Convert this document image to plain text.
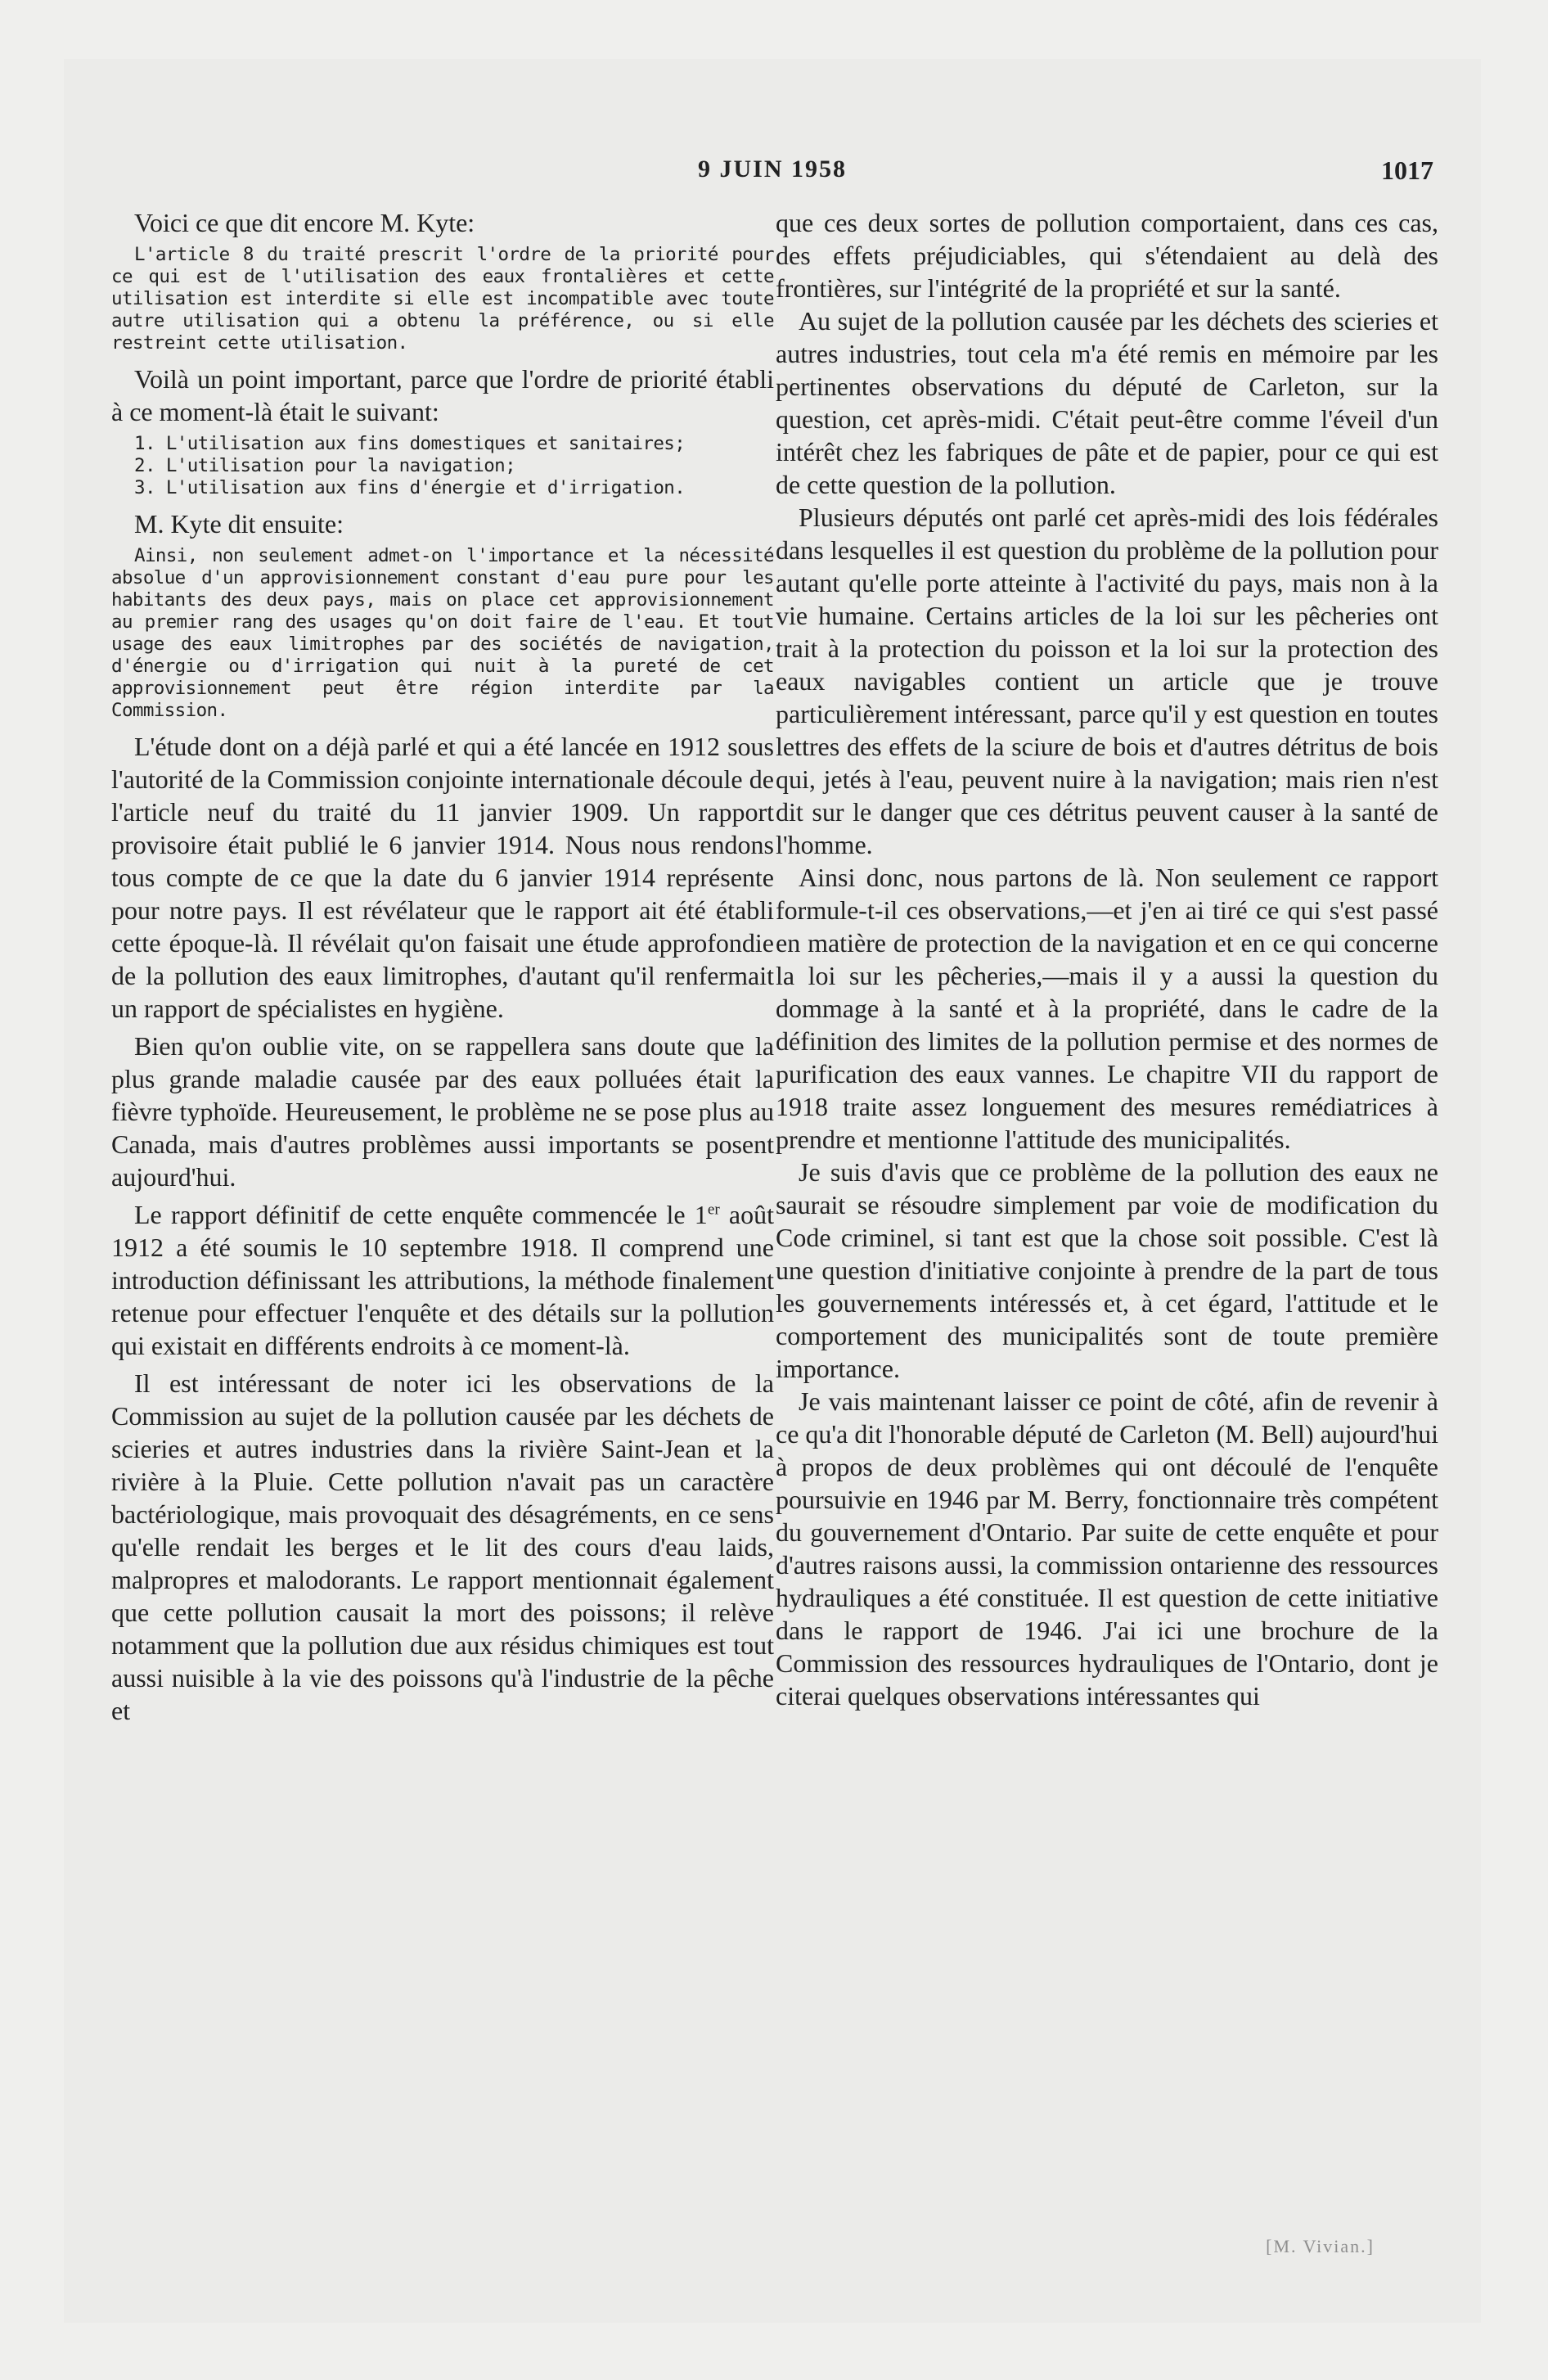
9 JUIN 1958	1017

Voici ce que dit encore M. Kyte:

L'article 8 du traité prescrit l'ordre de la priorité pour ce qui est de l'utilisation des eaux frontalières et cette utilisation est interdite si elle est incompatible avec toute autre utilisation qui a obtenu la préférence, ou si elle restreint cette utilisation.

Voilà un point important, parce que l'ordre de priorité établi à ce moment-là était le suivant:

1. L'utilisation aux fins domestiques et sanitaires;
2. L'utilisation pour la navigation;
3. L'utilisation aux fins d'énergie et d'irrigation.

M. Kyte dit ensuite:

Ainsi, non seulement admet-on l'importance et la nécessité absolue d'un approvisionnement constant d'eau pure pour les habitants des deux pays, mais on place cet approvisionnement au premier rang des usages qu'on doit faire de l'eau. Et tout usage des eaux limitrophes par des sociétés de navigation, d'énergie ou d'irrigation qui nuit à la pureté de cet approvisionnement peut être région interdite par la Commission.

L'étude dont on a déjà parlé et qui a été lancée en 1912 sous l'autorité de la Commission conjointe internationale découle de l'article neuf du traité du 11 janvier 1909. Un rapport provisoire était publié le 6 janvier 1914. Nous nous rendons tous compte de ce que la date du 6 janvier 1914 représente pour notre pays. Il est révélateur que le rapport ait été établi cette époque-là. Il révélait qu'on faisait une étude approfondie de la pollution des eaux limitrophes, d'autant qu'il renfermait un rapport de spécialistes en hygiène.

Bien qu'on oublie vite, on se rappellera sans doute que la plus grande maladie causée par des eaux polluées était la fièvre typhoïde. Heureusement, le problème ne se pose plus au Canada, mais d'autres problèmes aussi importants se posent aujourd'hui.

Le rapport définitif de cette enquête commencée le 1er août 1912 a été soumis le 10 septembre 1918. Il comprend une introduction définissant les attributions, la méthode finalement retenue pour effectuer l'enquête et des détails sur la pollution qui existait en différents endroits à ce moment-là.

Il est intéressant de noter ici les observations de la Commission au sujet de la pollution causée par les déchets de scieries et autres industries dans la rivière Saint-Jean et la rivière à la Pluie. Cette pollution n'avait pas un caractère bactériologique, mais provoquait des désagréments, en ce sens qu'elle rendait les berges et le lit des cours d'eau laids, malpropres et malodorants. Le rapport mentionnait également que cette pollution causait la mort des poissons; il relève notamment que la pollution due aux résidus chimiques est tout aussi nuisible à la vie des poissons qu'à l'industrie de la pêche et

que ces deux sortes de pollution comportaient, dans ces cas, des effets préjudiciables, qui s'étendaient au delà des frontières, sur l'intégrité de la propriété et sur la santé.

Au sujet de la pollution causée par les déchets des scieries et autres industries, tout cela m'a été remis en mémoire par les pertinentes observations du député de Carleton, sur la question, cet après-midi. C'était peut-être comme l'éveil d'un intérêt chez les fabriques de pâte et de papier, pour ce qui est de cette question de la pollution.

Plusieurs députés ont parlé cet après-midi des lois fédérales dans lesquelles il est question du problème de la pollution pour autant qu'elle porte atteinte à l'activité du pays, mais non à la vie humaine. Certains articles de la loi sur les pêcheries ont trait à la protection du poisson et la loi sur la protection des eaux navigables contient un article que je trouve particulièrement intéressant, parce qu'il y est question en toutes lettres des effets de la sciure de bois et d'autres détritus de bois qui, jetés à l'eau, peuvent nuire à la navigation; mais rien n'est dit sur le danger que ces détritus peuvent causer à la santé de l'homme.

Ainsi donc, nous partons de là. Non seulement ce rapport formule-t-il ces observations,—et j'en ai tiré ce qui s'est passé en matière de protection de la navigation et en ce qui concerne la loi sur les pêcheries,—mais il y a aussi la question du dommage à la santé et à la propriété, dans le cadre de la définition des limites de la pollution permise et des normes de purification des eaux vannes. Le chapitre VII du rapport de 1918 traite assez longuement des mesures remédiatrices à prendre et mentionne l'attitude des municipalités.

Je suis d'avis que ce problème de la pollution des eaux ne saurait se résoudre simplement par voie de modification du Code criminel, si tant est que la chose soit possible. C'est là une question d'initiative conjointe à prendre de la part de tous les gouvernements intéressés et, à cet égard, l'attitude et le comportement des municipalités sont de toute première importance.

Je vais maintenant laisser ce point de côté, afin de revenir à ce qu'a dit l'honorable député de Carleton (M. Bell) aujourd'hui à propos de deux problèmes qui ont découlé de l'enquête poursuivie en 1946 par M. Berry, fonctionnaire très compétent du gouvernement d'Ontario. Par suite de cette enquête et pour d'autres raisons aussi, la commission ontarienne des ressources hydrauliques a été constituée. Il est question de cette initiative dans le rapport de 1946. J'ai ici une brochure de la Commission des ressources hydrauliques de l'Ontario, dont je citerai quelques observations intéressantes qui

[M. Vivian.]
